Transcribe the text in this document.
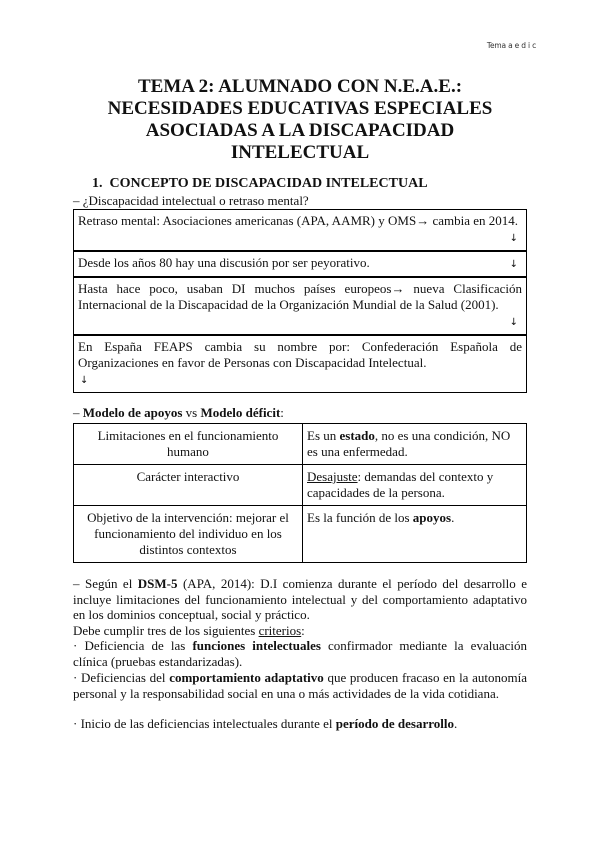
Tema a e d i c
TEMA 2: ALUMNADO CON N.E.A.E.:
NECESIDADES EDUCATIVAS ESPECIALES
ASOCIADAS A LA DISCAPACIDAD
INTELECTUAL
1. CONCEPTO DE DISCAPACIDAD INTELECTUAL
– ¿Discapacidad intelectual o retraso mental?
Retraso mental: Asociaciones americanas (APA, AAMR) y OMS→ cambia en 2014.
↓
Desde los años 80 hay una discusión por ser peyorativo.	↓
Hasta hace poco, usaban DI muchos países europeos→ nueva Clasificación Internacional de la Discapacidad de la Organización Mundial de la Salud (2001).
↓
En España FEAPS cambia su nombre por: Confederación Española de Organizaciones en favor de Personas con Discapacidad Intelectual.
↓
– Modelo de apoyos vs Modelo déficit:
Limitaciones en el funcionamiento humano	Es un estado, no es una condición, NO es una enfermedad.
Carácter interactivo	Desajuste: demandas del contexto y capacidades de la persona.
Objetivo de la intervención: mejorar el funcionamiento del individuo en los distintos contextos	Es la función de los apoyos.
– Según el DSM-5 (APA, 2014): D.I comienza durante el período del desarrollo e incluye limitaciones del funcionamiento intelectual y del comportamiento adaptativo en los dominios conceptual, social y práctico.
Debe cumplir tres de los siguientes criterios:
· Deficiencia de las funciones intelectuales confirmador mediante la evaluación clínica (pruebas estandarizadas).
· Deficiencias del comportamiento adaptativo que producen fracaso en la autonomía personal y la responsabilidad social en una o más actividades de la vida cotidiana.
· Inicio de las deficiencias intelectuales durante el período de desarrollo.
